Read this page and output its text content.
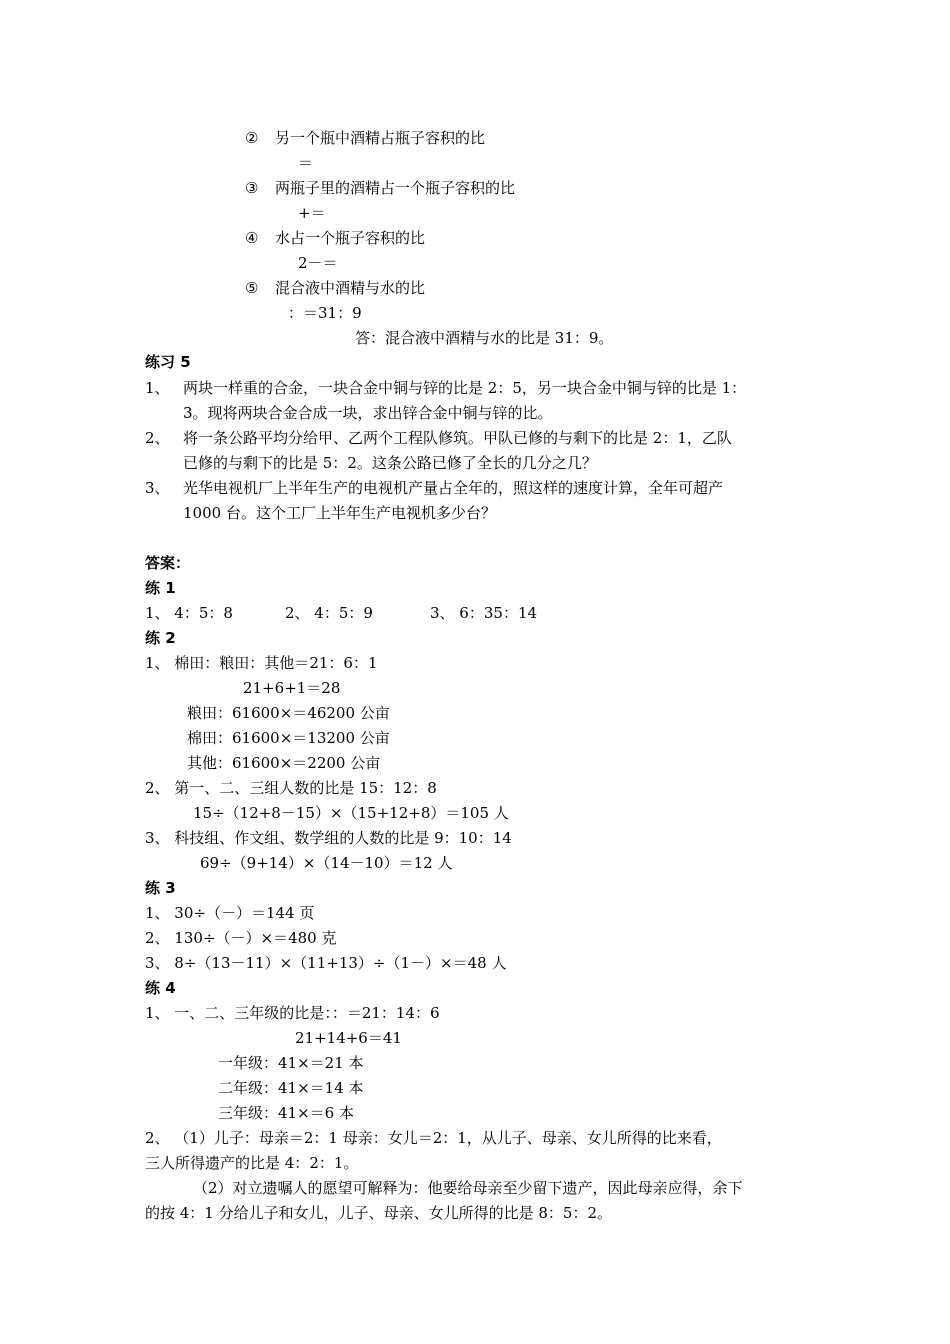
② 另一个瓶中酒精占瓶子容积的比
＝
③ 两瓶子里的酒精占一个瓶子容积的比
+＝
④ 水占一个瓶子容积的比
2－＝
⑤ 混合液中酒精与水的比
：＝31：9
答：混合液中酒精与水的比是 31：9。
练习 5
1、 两块一样重的合金，一块合金中铜与锌的比是 2：5，另一块合金中铜与锌的比是 1：
3。现将两块合金合成一块，求出锌合金中铜与锌的比。
2、 将一条公路平均分给甲、乙两个工程队修筑。甲队已修的与剩下的比是 2：1，乙队
已修的与剩下的比是 5：2。这条公路已修了全长的几分之几？
3、 光华电视机厂上半年生产的电视机产量占全年的，照这样的速度计算，全年可超产
1000 台。这个工厂上半年生产电视机多少台？
答案：
练 1
1、 4：5：8	2、 4：5：9	3、 6：35：14
练 2
1、 棉田：粮田：其他＝21：6：1
21+6+1＝28
粮田：61600×＝46200 公亩
棉田：61600×＝13200 公亩
其他：61600×＝2200 公亩
2、 第一、二、三组人数的比是 15：12：8
15÷（12+8－15）×（15+12+8）＝105 人
3、 科技组、作文组、数学组的人数的比是 9：10：14
69÷（9+14）×（14－10）＝12 人
练 3
1、 30÷（－）＝144 页
2、 130÷（－）×＝480 克
3、 8÷（13－11）×（11+13）÷（1－）×＝48 人
练 4
1、 一、二、三年级的比是：：＝21：14：6
21+14+6＝41
一年级：41×＝21 本
二年级：41×＝14 本
三年级：41×＝6 本
2、 （1）儿子：母亲＝2：1 母亲：女儿＝2：1，从儿子、母亲、女儿所得的比来看，
三人所得遗产的比是 4：2：1。
（2）对立遗嘱人的愿望可解释为：他要给母亲至少留下遗产，因此母亲应得，余下
的按 4：1 分给儿子和女儿，儿子、母亲、女儿所得的比是 8：5：2。
